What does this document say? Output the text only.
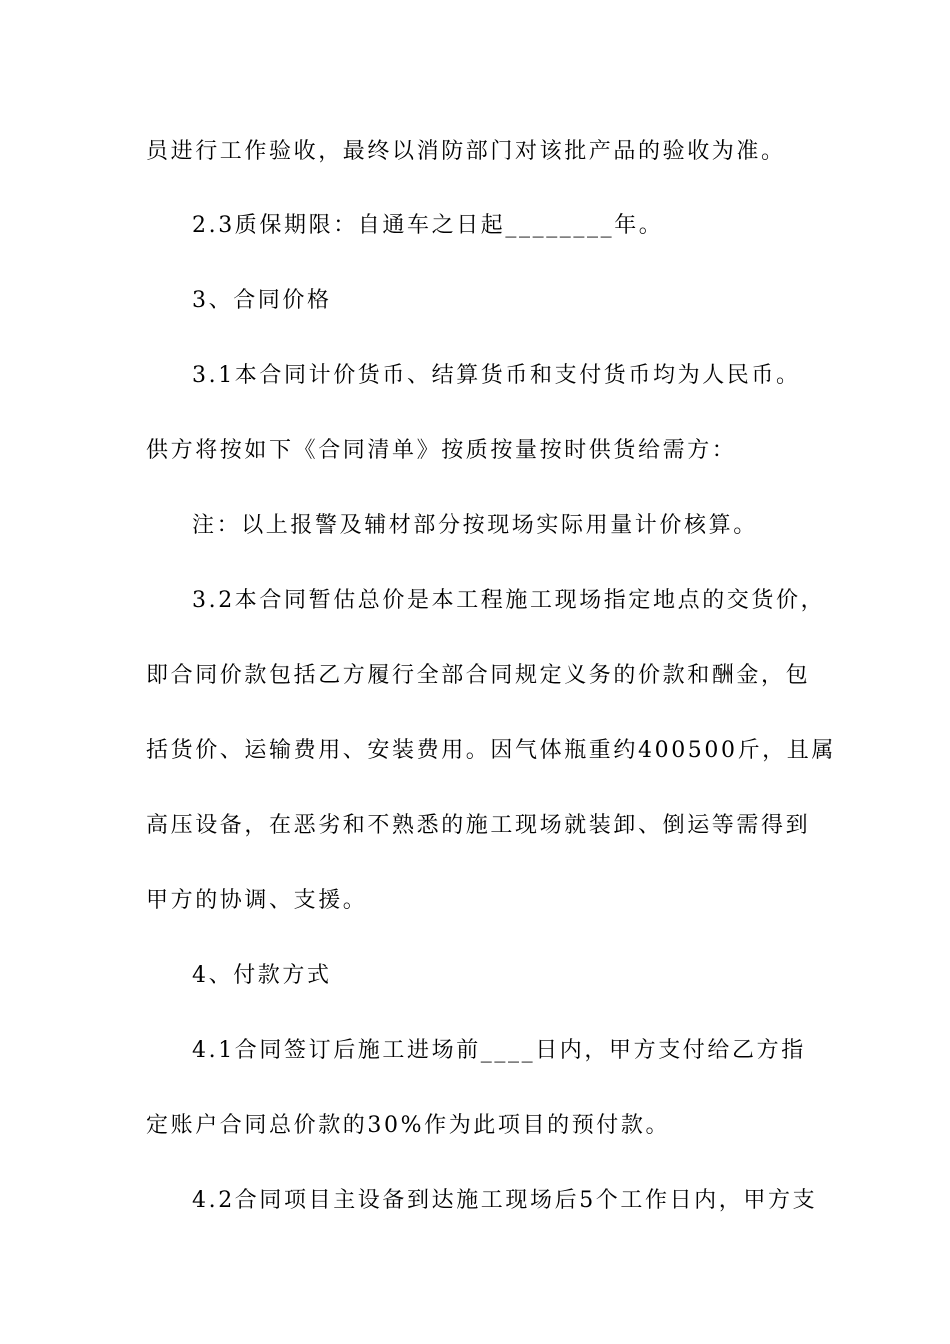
员进行工作验收，最终以消防部门对该批产品的验收为准。
2.3质保期限：自通车之日起________年。
3、合同价格
3.1本合同计价货币、结算货币和支付货币均为人民币。
供方将按如下《合同清单》按质按量按时供货给需方：
注：以上报警及辅材部分按现场实际用量计价核算。
3.2本合同暂估总价是本工程施工现场指定地点的交货价，
即合同价款包括乙方履行全部合同规定义务的价款和酬金，包
括货价、运输费用、安装费用。因气体瓶重约400500斤，且属
高压设备，在恶劣和不熟悉的施工现场就装卸、倒运等需得到
甲方的协调、支援。
4、付款方式
4.1合同签订后施工进场前____日内，甲方支付给乙方指
定账户合同总价款的30%作为此项目的预付款。
4.2合同项目主设备到达施工现场后5个工作日内，甲方支
